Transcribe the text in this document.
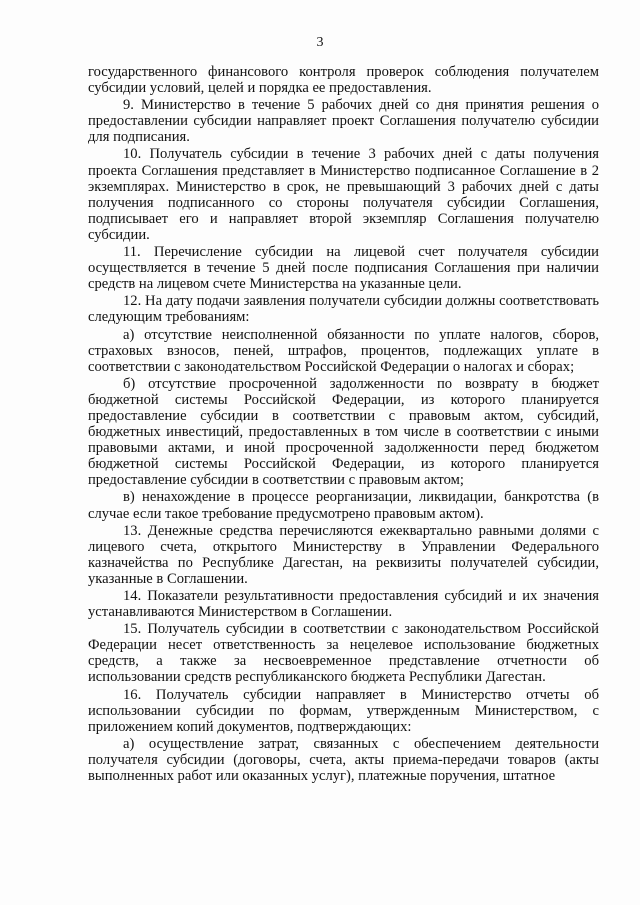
3

государственного финансового контроля проверок соблюдения получателем субсидии условий, целей и порядка ее предоставления.

9. Министерство в течение 5 рабочих дней со дня принятия решения о предоставлении субсидии направляет проект Соглашения получателю субсидии для подписания.

10. Получатель субсидии в течение 3 рабочих дней с даты получения проекта Соглашения представляет в Министерство подписанное Соглашение в 2 экземплярах. Министерство в срок, не превышающий 3 рабочих дней с даты получения подписанного со стороны получателя субсидии Соглашения, подписывает его и направляет второй экземпляр Соглашения получателю субсидии.

11. Перечисление субсидии на лицевой счет получателя субсидии осуществляется в течение 5 дней после подписания Соглашения при наличии средств на лицевом счете Министерства на указанные цели.

12. На дату подачи заявления получатели субсидии должны соответствовать следующим требованиям:

а) отсутствие неисполненной обязанности по уплате налогов, сборов, страховых взносов, пеней, штрафов, процентов, подлежащих уплате в соответствии с законодательством Российской Федерации о налогах и сборах;

б) отсутствие просроченной задолженности по возврату в бюджет бюджетной системы Российской Федерации, из которого планируется предоставление субсидии в соответствии с правовым актом, субсидий, бюджетных инвестиций, предоставленных в том числе в соответствии с иными правовыми актами, и иной просроченной задолженности перед бюджетом бюджетной системы Российской Федерации, из которого планируется предоставление субсидии в соответствии с правовым актом;

в) ненахождение в процессе реорганизации, ликвидации, банкротства (в случае если такое требование предусмотрено правовым актом).

13. Денежные средства перечисляются ежеквартально равными долями с лицевого счета, открытого Министерству в Управлении Федерального казначейства по Республике Дагестан, на реквизиты получателей субсидии, указанные в Соглашении.

14. Показатели результативности предоставления субсидий и их значения устанавливаются Министерством в Соглашении.

15. Получатель субсидии в соответствии с законодательством Российской Федерации несет ответственность за нецелевое использование бюджетных средств, а также за несвоевременное представление отчетности об использовании средств республиканского бюджета Республики Дагестан.

16. Получатель субсидии направляет в Министерство отчеты об использовании субсидии по формам, утвержденным Министерством, с приложением копий документов, подтверждающих:

а) осуществление затрат, связанных с обеспечением деятельности получателя субсидии (договоры, счета, акты приема-передачи товаров (акты выполненных работ или оказанных услуг), платежные поручения, штатное
